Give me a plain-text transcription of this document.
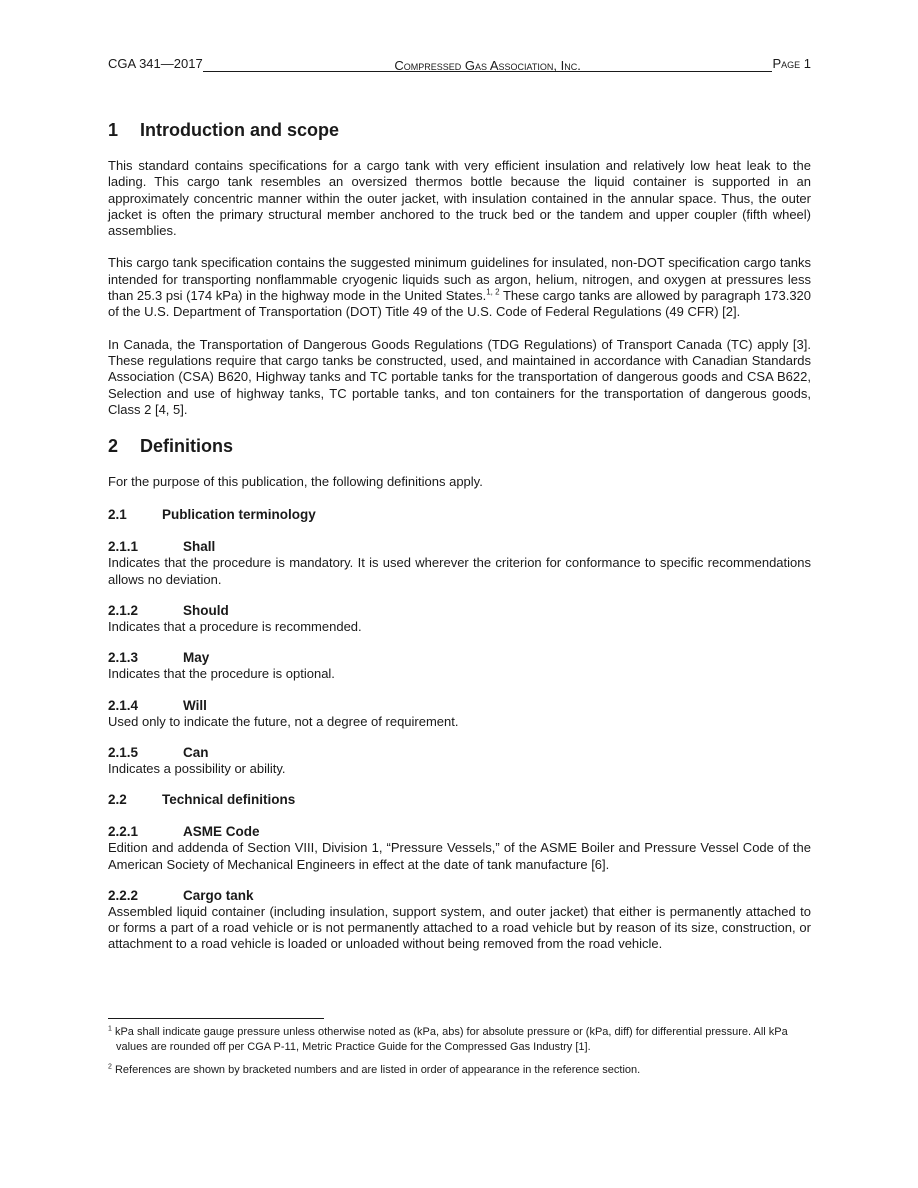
CGA 341—2017	Compressed Gas Association, Inc.	Page 1
1	Introduction and scope

This standard contains specifications for a cargo tank with very efficient insulation and relatively low heat leak to the lading. This cargo tank resembles an oversized thermos bottle because the liquid container is supported in an approximately concentric manner within the outer jacket, with insulation contained in the annular space. Thus, the outer jacket is often the primary structural member anchored to the truck bed or the tandem and upper coupler (fifth wheel) assemblies.

This cargo tank specification contains the suggested minimum guidelines for insulated, non-DOT specification cargo tanks intended for transporting nonflammable cryogenic liquids such as argon, helium, nitrogen, and oxygen at pressures less than 25.3 psi (174 kPa) in the highway mode in the United States.$^{1, 2}$ These cargo tanks are allowed by paragraph 173.320 of the U.S. Department of Transportation (DOT) Title 49 of the U.S. Code of Federal Regulations (49 CFR) [2].

In Canada, the Transportation of Dangerous Goods Regulations (TDG Regulations) of Transport Canada (TC) apply [3]. These regulations require that cargo tanks be constructed, used, and maintained in accordance with Canadian Standards Association (CSA) B620, Highway tanks and TC portable tanks for the transportation of dangerous goods and CSA B622, Selection and use of highway tanks, TC portable tanks, and ton containers for the transportation of dangerous goods, Class 2 [4, 5].

2	Definitions

For the purpose of this publication, the following definitions apply.

2.1	Publication terminology
2.1.1	Shall

Indicates that the procedure is mandatory. It is used wherever the criterion for conformance to specific recommendations allows no deviation.

2.1.2	Should

Indicates that a procedure is recommended.

2.1.3	May

Indicates that the procedure is optional.

2.1.4	Will

Used only to indicate the future, not a degree of requirement.

2.1.5	Can

Indicates a possibility or ability.

2.2	Technical definitions
2.2.1	ASME Code

Edition and addenda of Section VIII, Division 1, “Pressure Vessels,” of the ASME Boiler and Pressure Vessel Code of the American Society of Mechanical Engineers in effect at the date of tank manufacture [6].

2.2.2	Cargo tank

Assembled liquid container (including insulation, support system, and outer jacket) that either is permanently attached to or forms a part of a road vehicle or is not permanently attached to a road vehicle but by reason of its size, construction, or attachment to a road vehicle is loaded or unloaded without being removed from the road vehicle.

$^1$ kPa shall indicate gauge pressure unless otherwise noted as (kPa, abs) for absolute pressure or (kPa, diff) for differential pressure. All kPa values are rounded off per CGA P-11, Metric Practice Guide for the Compressed Gas Industry [1].

$^2$ References are shown by bracketed numbers and are listed in order of appearance in the reference section.
